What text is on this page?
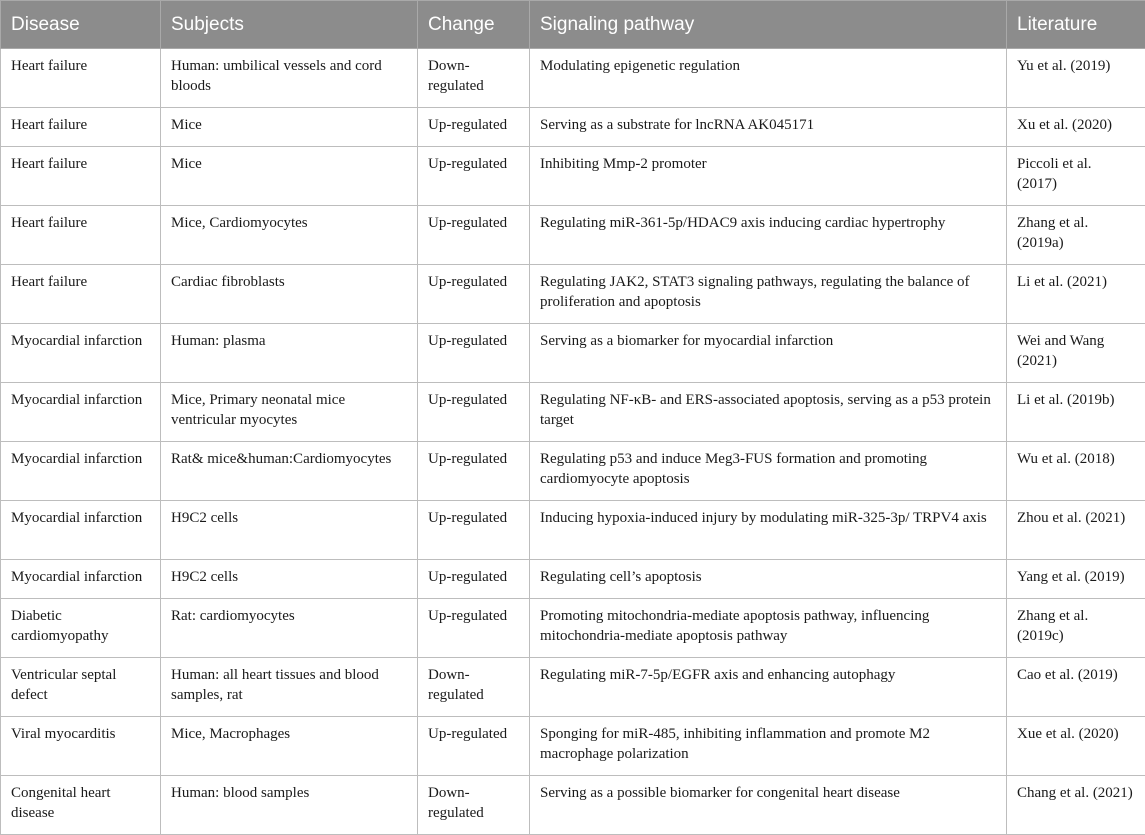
Disease	Subjects	Change	Signaling pathway	Literature
Heart failure	Human: umbilical vessels and cord bloods	Down-regulated	Modulating epigenetic regulation	Yu et al. (2019)
Heart failure	Mice	Up-regulated	Serving as a substrate for lncRNA AK045171	Xu et al. (2020)
Heart failure	Mice	Up-regulated	Inhibiting Mmp-2 promoter	Piccoli et al. (2017)
Heart failure	Mice, Cardiomyocytes	Up-regulated	Regulating miR-361-5p/HDAC9 axis inducing cardiac hypertrophy	Zhang et al. (2019a)
Heart failure	Cardiac fibroblasts	Up-regulated	Regulating JAK2, STAT3 signaling pathways, regulating the balance of proliferation and apoptosis	Li et al. (2021)
Myocardial infarction	Human: plasma	Up-regulated	Serving as a biomarker for myocardial infarction	Wei and Wang (2021)
Myocardial infarction	Mice, Primary neonatal mice ventricular myocytes	Up-regulated	Regulating NF-κB- and ERS-associated apoptosis, serving as a p53 protein target	Li et al. (2019b)
Myocardial infarction	Rat& mice&human:Cardiomyocytes	Up-regulated	Regulating p53 and induce Meg3-FUS formation and promoting cardiomyocyte apoptosis	Wu et al. (2018)
Myocardial infarction	H9C2 cells	Up-regulated	Inducing hypoxia-induced injury by modulating miR-325-3p/ TRPV4 axis	Zhou et al. (2021)
Myocardial infarction	H9C2 cells	Up-regulated	Regulating cell’s apoptosis	Yang et al. (2019)
Diabetic cardiomyopathy	Rat: cardiomyocytes	Up-regulated	Promoting mitochondria-mediate apoptosis pathway, influencing mitochondria-mediate apoptosis pathway	Zhang et al. (2019c)
Ventricular septal defect	Human: all heart tissues and blood samples, rat	Down-regulated	Regulating miR-7-5p/EGFR axis and enhancing autophagy	Cao et al. (2019)
Viral myocarditis	Mice, Macrophages	Up-regulated	Sponging for miR-485, inhibiting inflammation and promote M2 macrophage polarization	Xue et al. (2020)
Congenital heart disease	Human: blood samples	Down-regulated	Serving as a possible biomarker for congenital heart disease	Chang et al. (2021)
